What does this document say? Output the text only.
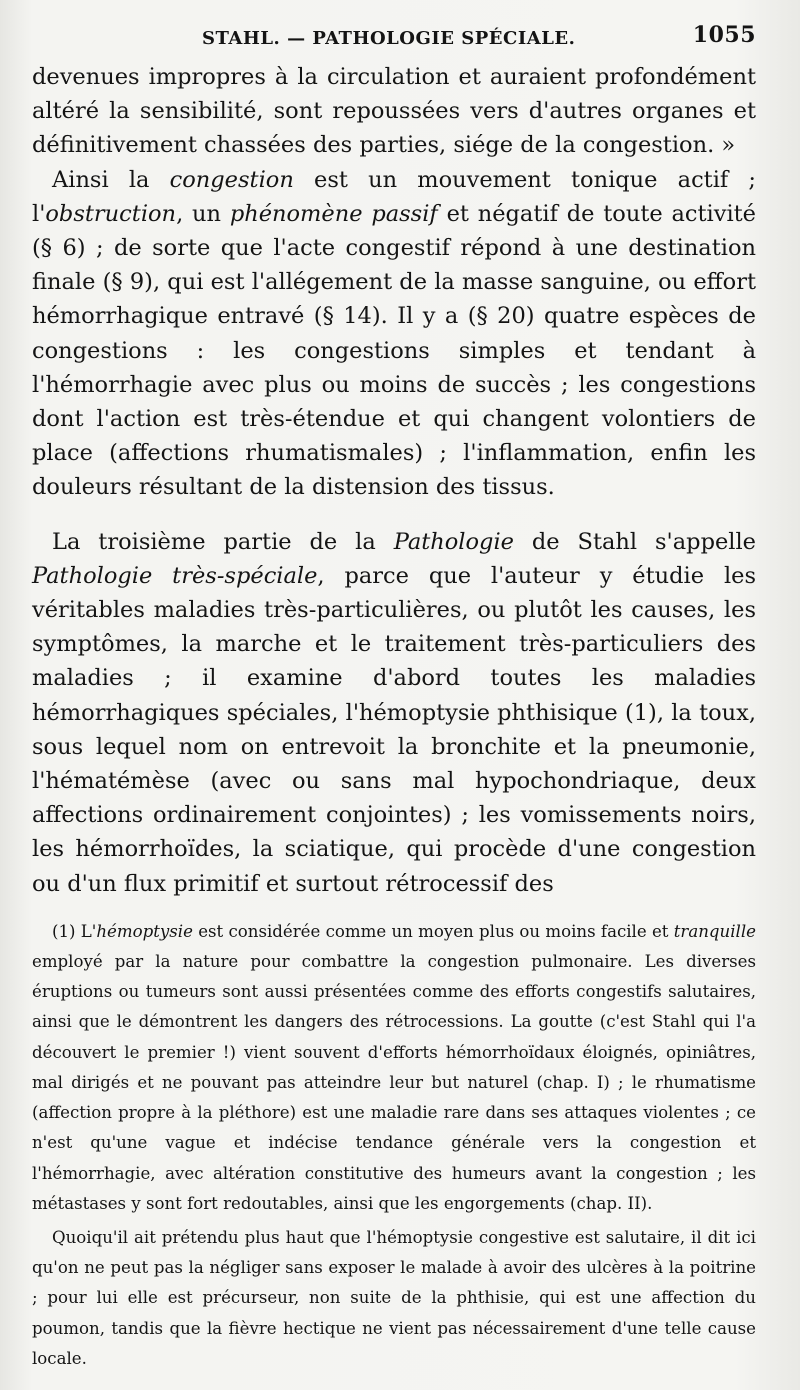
STAHL. — PATHOLOGIE SPÉCIALE.	1055

devenues impropres à la circulation et auraient profondément altéré la sensibilité, sont repoussées vers d'autres organes et définitivement chassées des parties, siége de la congestion. »

Ainsi la congestion est un mouvement tonique actif ; l'obstruction, un phénomène passif et négatif de toute activité (§ 6) ; de sorte que l'acte congestif répond à une destination finale (§ 9), qui est l'allégement de la masse sanguine, ou effort hémorrhagique entravé (§ 14). Il y a (§ 20) quatre espèces de congestions : les congestions simples et tendant à l'hémorrhagie avec plus ou moins de succès ; les congestions dont l'action est très-étendue et qui changent volontiers de place (affections rhumatismales) ; l'inflammation, enfin les douleurs résultant de la distension des tissus.

La troisième partie de la Pathologie de Stahl s'appelle Pathologie très-spéciale, parce que l'auteur y étudie les véritables maladies très-particulières, ou plutôt les causes, les symptômes, la marche et le traitement très-particuliers des maladies ; il examine d'abord toutes les maladies hémorrhagiques spéciales, l'hémoptysie phthisique (1), la toux, sous lequel nom on entrevoit la bronchite et la pneumonie, l'hématémèse (avec ou sans mal hypochondriaque, deux affections ordinairement conjointes) ; les vomissements noirs, les hémorrhoïdes, la sciatique, qui procède d'une congestion ou d'un flux primitif et surtout rétrocessif des

(1) L'hémoptysie est considérée comme un moyen plus ou moins facile et tranquille employé par la nature pour combattre la congestion pulmonaire. Les diverses éruptions ou tumeurs sont aussi présentées comme des efforts congestifs salutaires, ainsi que le démontrent les dangers des rétrocessions. La goutte (c'est Stahl qui l'a découvert le premier !) vient souvent d'efforts hémorrhoïdaux éloignés, opiniâtres, mal dirigés et ne pouvant pas atteindre leur but naturel (chap. I) ; le rhumatisme (affection propre à la pléthore) est une maladie rare dans ses attaques violentes ; ce n'est qu'une vague et indécise tendance générale vers la congestion et l'hémorrhagie, avec altération constitutive des humeurs avant la congestion ; les métastases y sont fort redoutables, ainsi que les engorgements (chap. II).

Quoiqu'il ait prétendu plus haut que l'hémoptysie congestive est salutaire, il dit ici qu'on ne peut pas la négliger sans exposer le malade à avoir des ulcères à la poitrine ; pour lui elle est précurseur, non suite de la phthisie, qui est une affection du poumon, tandis que la fièvre hectique ne vient pas nécessairement d'une telle cause locale.
